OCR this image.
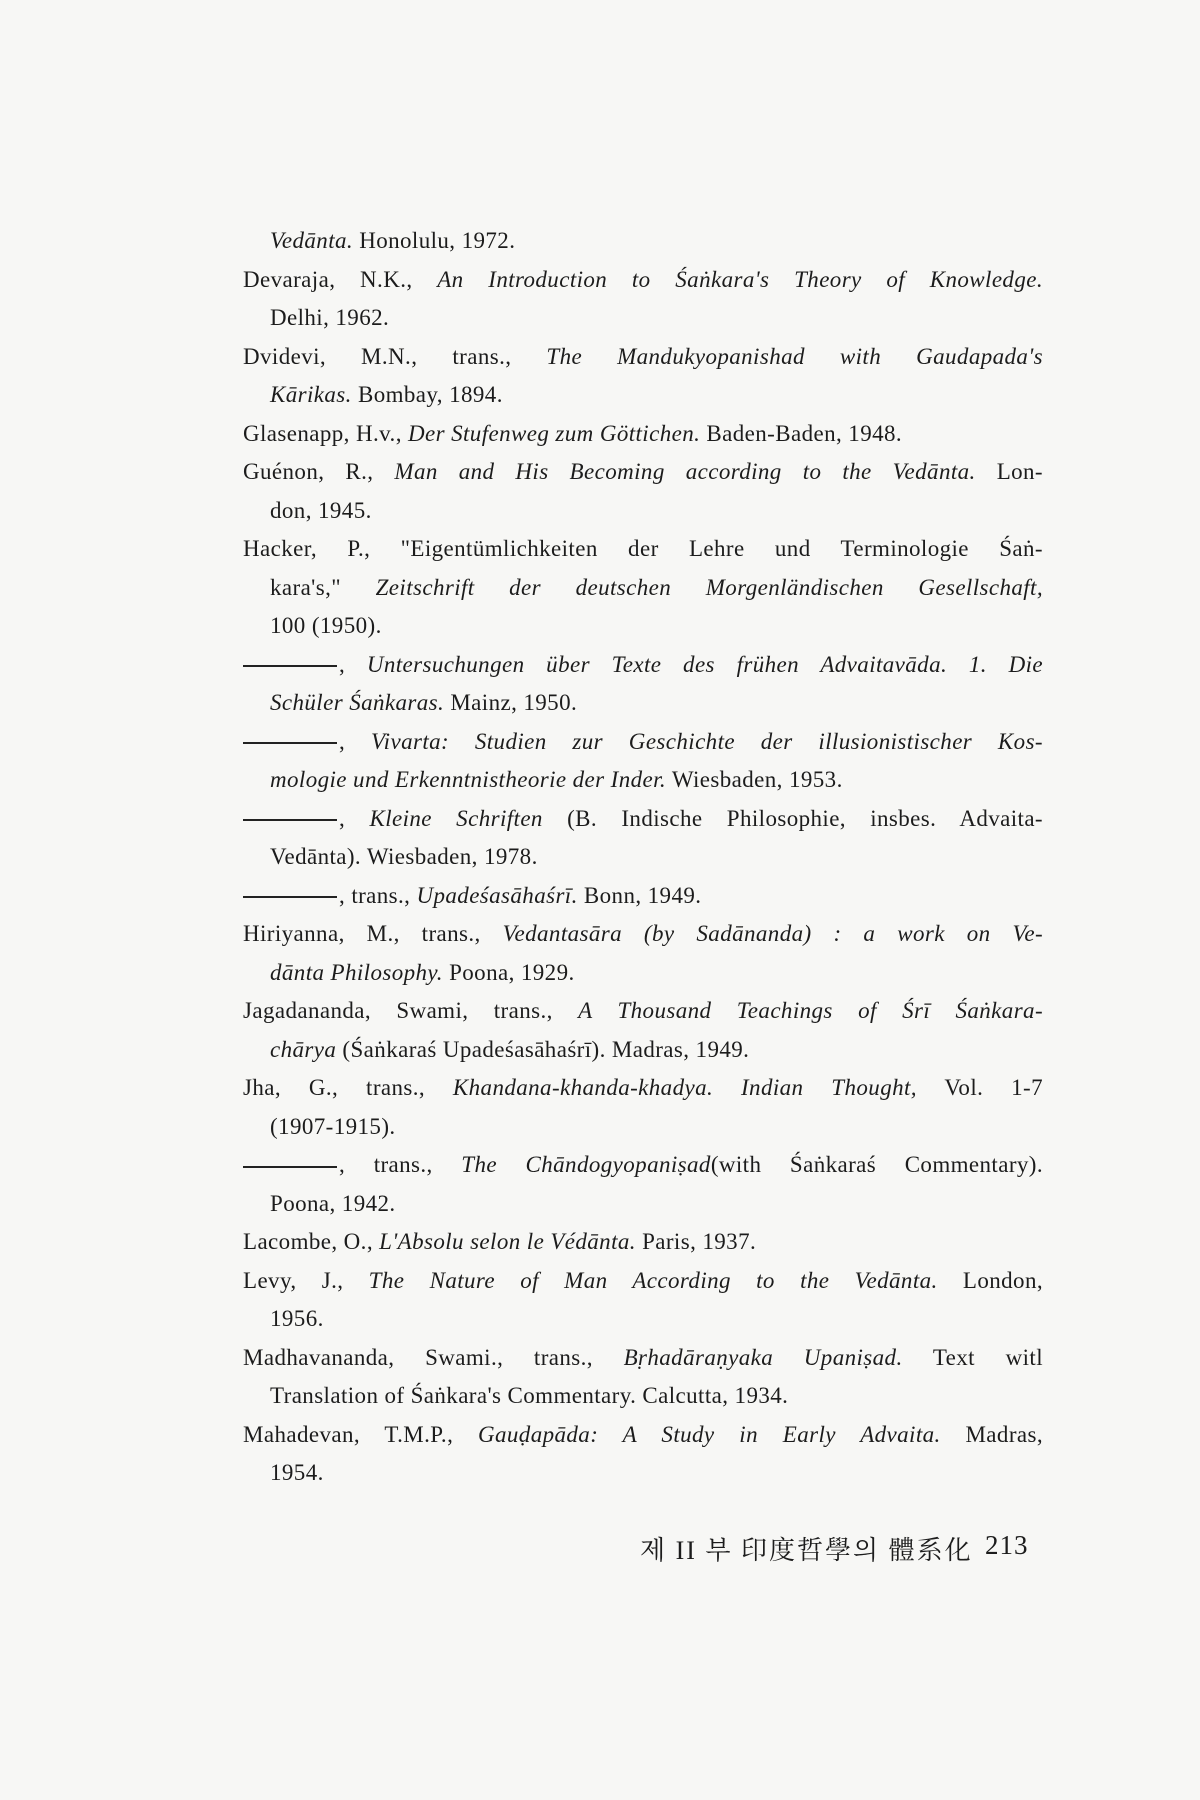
Vedānta. Honolulu, 1972.
Devaraja, N.K., An Introduction to Śaṅkara's Theory of Knowledge.
Delhi, 1962.
Dvidevi, M.N., trans., The Mandukyopanishad with Gaudapada's
Kārikas. Bombay, 1894.
Glasenapp, H.v., Der Stufenweg zum Göttichen. Baden-Baden, 1948.
Guénon, R., Man and His Becoming according to the Vedānta. Lon-
don, 1945.
Hacker, P., "Eigentümlichkeiten der Lehre und Terminologie Śaṅ-
kara's," Zeitschrift der deutschen Morgenländischen Gesellschaft,
100 (1950).
, Untersuchungen über Texte des frühen Advaitavāda. 1. Die
Schüler Śaṅkaras. Mainz, 1950.
, Vivarta: Studien zur Geschichte der illusionistischer Kos-
mologie und Erkenntnistheorie der Inder. Wiesbaden, 1953.
, Kleine Schriften (B. Indische Philosophie, insbes. Advaita-
Vedānta). Wiesbaden, 1978.
, trans., Upadeśasāhaśrī. Bonn, 1949.
Hiriyanna, M., trans., Vedantasāra (by Sadānanda) : a work on Ve-
dānta Philosophy. Poona, 1929.
Jagadananda, Swami, trans., A Thousand Teachings of Śrī Śaṅkara-
chārya (Śaṅkaraś Upadeśasāhaśrī). Madras, 1949.
Jha, G., trans., Khandana-khanda-khadya. Indian Thought, Vol. 1-7
(1907-1915).
, trans., The Chāndogyopaniṣad(with Śaṅkaraś Commentary).
Poona, 1942.
Lacombe, O., L'Absolu selon le Védānta. Paris, 1937.
Levy, J., The Nature of Man According to the Vedānta. London,
1956.
Madhavananda, Swami., trans., Bṛhadāraṇyaka Upaniṣad. Text witl
Translation of Śaṅkara's Commentary. Calcutta, 1934.
Mahadevan, T.M.P., Gauḍapāda: A Study in Early Advaita. Madras,
1954.
제 II 부 印度哲學의 體系化 213
